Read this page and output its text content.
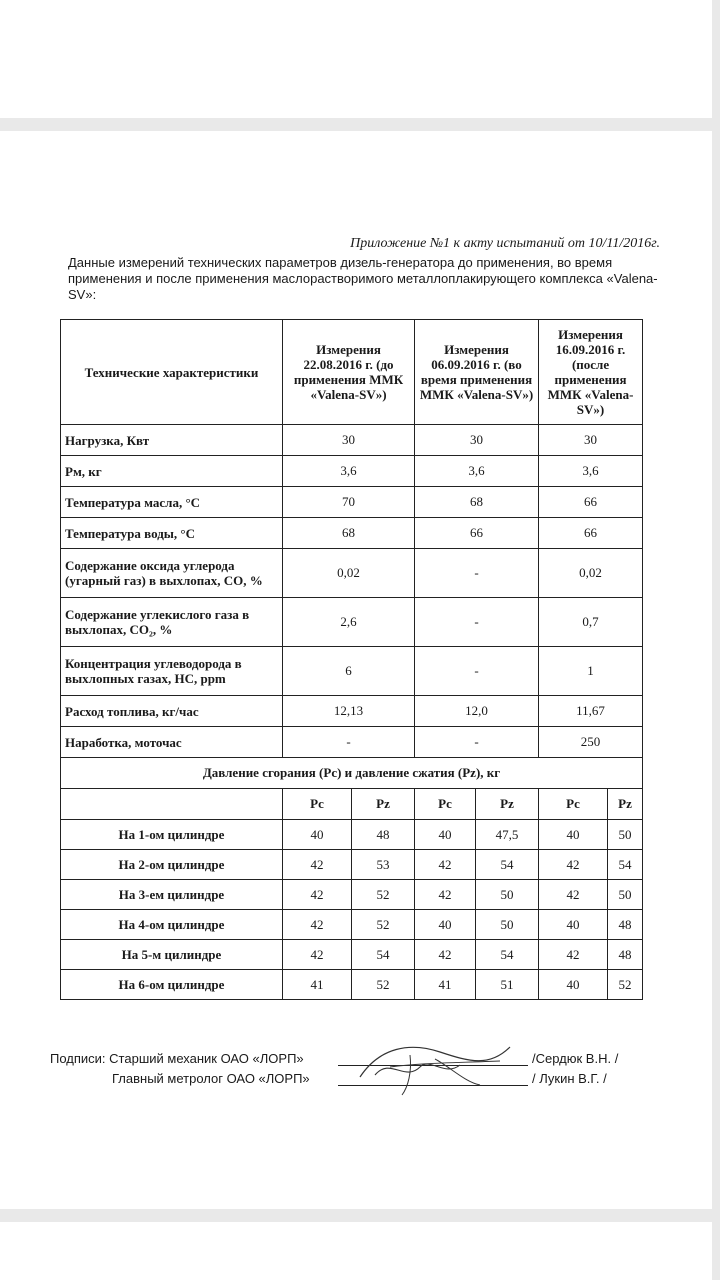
Приложение №1 к акту испытаний от 10/11/2016г.
Данные измерений технических параметров дизель-генератора до применения, во время применения и после применения маслорастворимого металлоплакирующего комплекса «Valena-SV»:
Технические характеристики	Измерения 22.08.2016 г. (до применения ММК «Valena-SV»)		Измерения 06.09.2016 г. (во время применения ММК «Valena-SV»)		Измерения 16.09.2016 г. (после применения ММК «Valena-SV»)	
Нагрузка, Квт	30		30		30	
Рм, кг	3,6		3,6		3,6	
Температура масла, °С	70		68		66	
Температура воды, °С	68		66		66	
Содержание оксида углерода (угарный газ) в выхлопах, СО, %	0,02		-		0,02	
Содержание углекислого газа в выхлопах, СО₂, %	2,6		-		0,7	
Концентрация углеводорода в выхлопных газах, НС, ppm	6		-		1	
Расход топлива, кг/час	12,13		12,0		11,67	
Наработка, моточас	-		-		250	
Давление сгорания (Рс) и давление сжатия (Рz), кг						
	Рс	Рz	Рс	Рz	Рс	Рz
На 1-ом цилиндре	40	48	40	47,5	40	50
На 2-ом цилиндре	42	53	42	54	42	54
На 3-ем цилиндре	42	52	42	50	42	50
На 4-ом цилиндре	42	52	40	50	40	48
На 5-м цилиндре	42	54	42	54	42	48
На 6-ом цилиндре	41	52	41	51	40	52
Подписи: Старший механик ОАО «ЛОРП»
Главный метролог ОАО «ЛОРП»
/Сердюк В.Н. /
/ Лукин В.Г. /
